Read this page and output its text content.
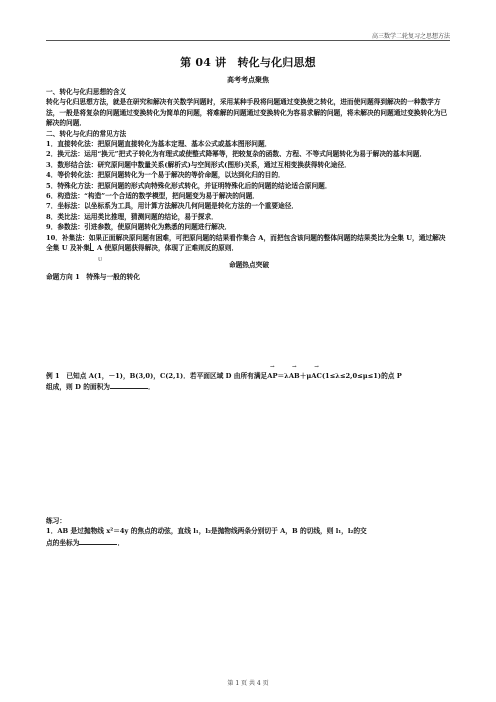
高三数学二轮复习之思想方法
第 04 讲　转化与化归思想
高考考点聚焦

一、转化与化归思想的含义

转化与化归思想方法，就是在研究和解决有关数学问题时，采用某种手段将问题通过变换使之转化，进而使问题得到解决的一种数学方法，一般是将复杂的问题通过变换转化为简单的问题，将难解的问题通过变换转化为容易求解的问题，将未解决的问题通过变换转化为已解决的问题．

二、转化与化归的常见方法

1．直接转化法：把原问题直接转化为基本定理、基本公式或基本图形问题．

2．换元法：运用“换元”把式子转化为有理式或使整式降幂等，把较复杂的函数、方程、不等式问题转化为易于解决的基本问题．

3．数形结合法：研究原问题中数量关系(解析式)与空间形式(图形)关系，通过互相变换获得转化途径．

4．等价转化法：把原问题转化为一个易于解决的等价命题，以达到化归的目的．

5．特殊化方法：把原问题的形式向特殊化形式转化，并证明特殊化后的问题的结论适合原问题．

6．构造法：“构造”一个合适的数学模型，把问题变为易于解决的问题．

7．坐标法：以坐标系为工具，用计算方法解决几何问题是转化方法的一个重要途径．

8．类比法：运用类比推理，猜测问题的结论，易于探求．

9．参数法：引进参数，使原问题转化为熟悉的问题进行解决．

10．补集法：如果正面解决原问题有困难，可把原问题的结果看作集合 A，而把包含该问题的整体问题的结果类比为全集 U，通过解决全集 U 及补集
U
A 使原问题获得解决，体现了正难则反的原则．

命题热点突破

命题方向 1　特殊与一般的转化

例 1　 已知点 A(1，－1)，B(3,0)，C(2,1)．若平面区域 D 由所有满足
→
AP＝λ
→
AB＋μ
→
AC(1≤λ≤2,0≤μ≤1)的点 P

组成，则 D 的面积为	．

练习：

1．AB 是过抛物线 x²＝4y 的焦点的动弦，直线 l₁，l₂是抛物线两条分别切于 A，B 的切线，则 l₁，l₂的交

点的坐标为	．

第 1 页 共 4 页
